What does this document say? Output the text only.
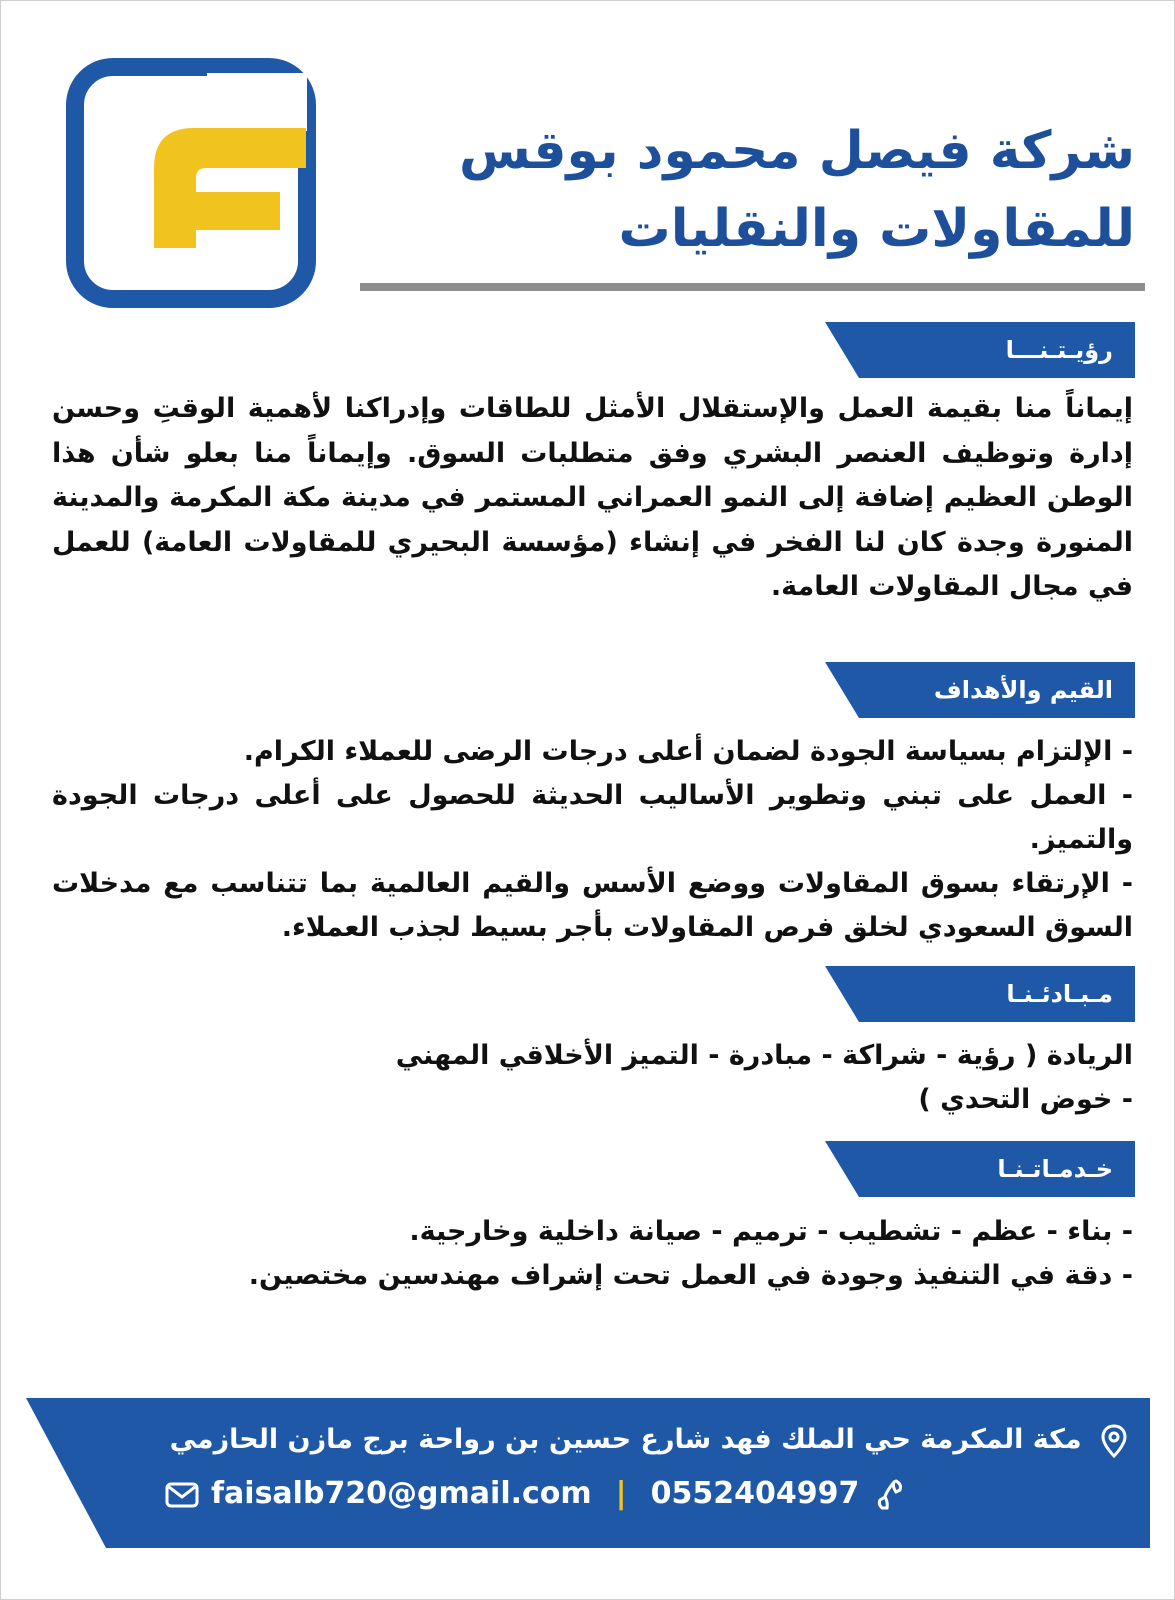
شركة فيصل محمود بوقس
للمقاولات والنقليات
رؤيـتـنـــا
إيماناً منا بقيمة العمل والإستقلال الأمثل للطاقات وإدراكنا لأهمية الوقتِ وحسن إدارة وتوظيف العنصر البشري وفق متطلبات السوق. وإيماناً منا بعلو شأن هذا الوطن العظيم إضافة إلى النمو العمراني المستمر في مدينة مكة المكرمة والمدينة المنورة وجدة كان لنا الفخر في إنشاء (مؤسسة البحيري للمقاولات العامة) للعمل في مجال المقاولات العامة.
القيم والأهداف
- الإلتزام بسياسة الجودة لضمان أعلى درجات الرضى للعملاء الكرام.
- العمل على تبني وتطوير الأساليب الحديثة للحصول على أعلى درجات الجودة والتميز.
- الإرتقاء بسوق المقاولات ووضع الأسس والقيم العالمية بما تتناسب مع مدخلات السوق السعودي لخلق فرص المقاولات بأجر بسيط لجذب العملاء.
مـبـادئـنـا
الريادة ( رؤية - شراكة - مبادرة - التميز الأخلاقي المهني
- خوض التحدي )
خـدمـاتـنـا
- بناء - عظم - تشطيب - ترميم - صيانة داخلية وخارجية.
- دقة في التنفيذ وجودة في العمل تحت إشراف مهندسين مختصين.
مكة المكرمة حي الملك فهد شارع حسين بن رواحة برج مازن الحازمي
faisalb720@gmail.com | 0552404997
